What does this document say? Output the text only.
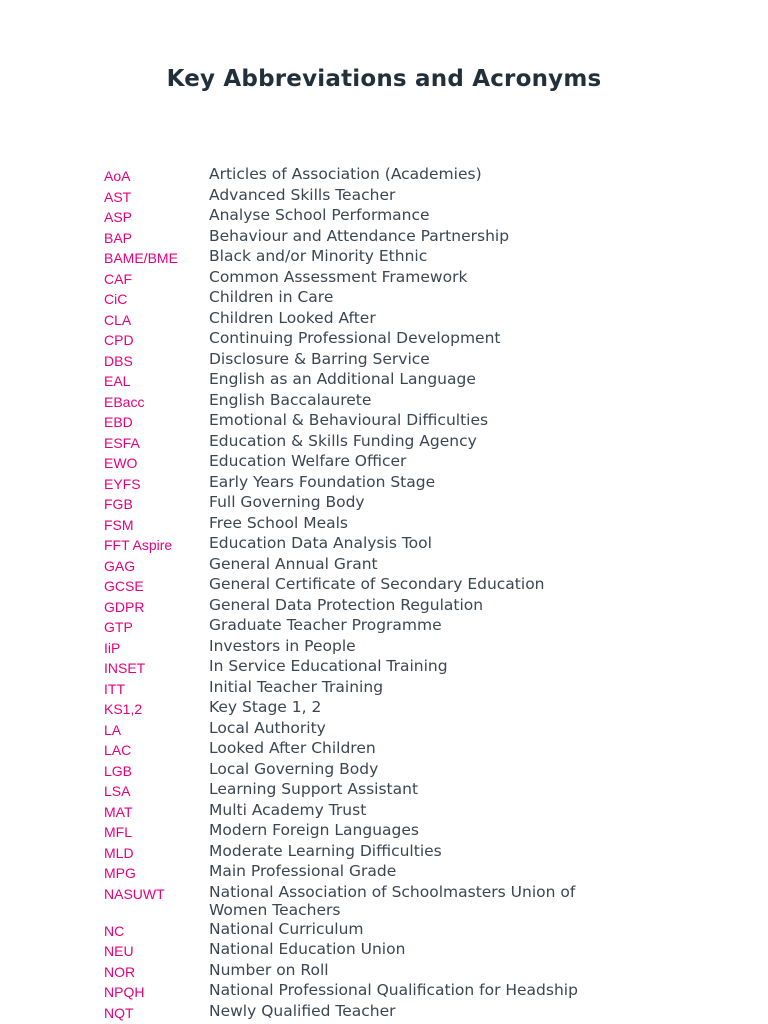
Key Abbreviations and Acronyms
AoA	Articles of Association (Academies)
AST	Advanced Skills Teacher
ASP	Analyse School Performance
BAP	Behaviour and Attendance Partnership
BAME/BME	Black and/or Minority Ethnic
CAF	Common Assessment Framework
CiC	Children in Care
CLA	Children Looked After
CPD	Continuing Professional Development
DBS	Disclosure & Barring Service
EAL	English as an Additional Language
EBacc	English Baccalaurete
EBD	Emotional & Behavioural Difficulties
ESFA	Education & Skills Funding Agency
EWO	Education Welfare Officer
EYFS	Early Years Foundation Stage
FGB	Full Governing Body
FSM	Free School Meals
FFT Aspire	Education Data Analysis Tool
GAG	General Annual Grant
GCSE	General Certificate of Secondary Education
GDPR	General Data Protection Regulation
GTP	Graduate Teacher Programme
IiP	Investors in People
INSET	In Service Educational Training
ITT	Initial Teacher Training
KS1,2	Key Stage 1, 2
LA	Local Authority
LAC	Looked After Children
LGB	Local Governing Body
LSA	Learning Support Assistant
MAT	Multi Academy Trust
MFL	Modern Foreign Languages
MLD	Moderate Learning Difficulties
MPG	Main Professional Grade
NASUWT	National Association of Schoolmasters Union of
Women Teachers
NC	National Curriculum
NEU	National Education Union
NOR	Number on Roll
NPQH	National Professional Qualification for Headship
NQT	Newly Qualified Teacher
